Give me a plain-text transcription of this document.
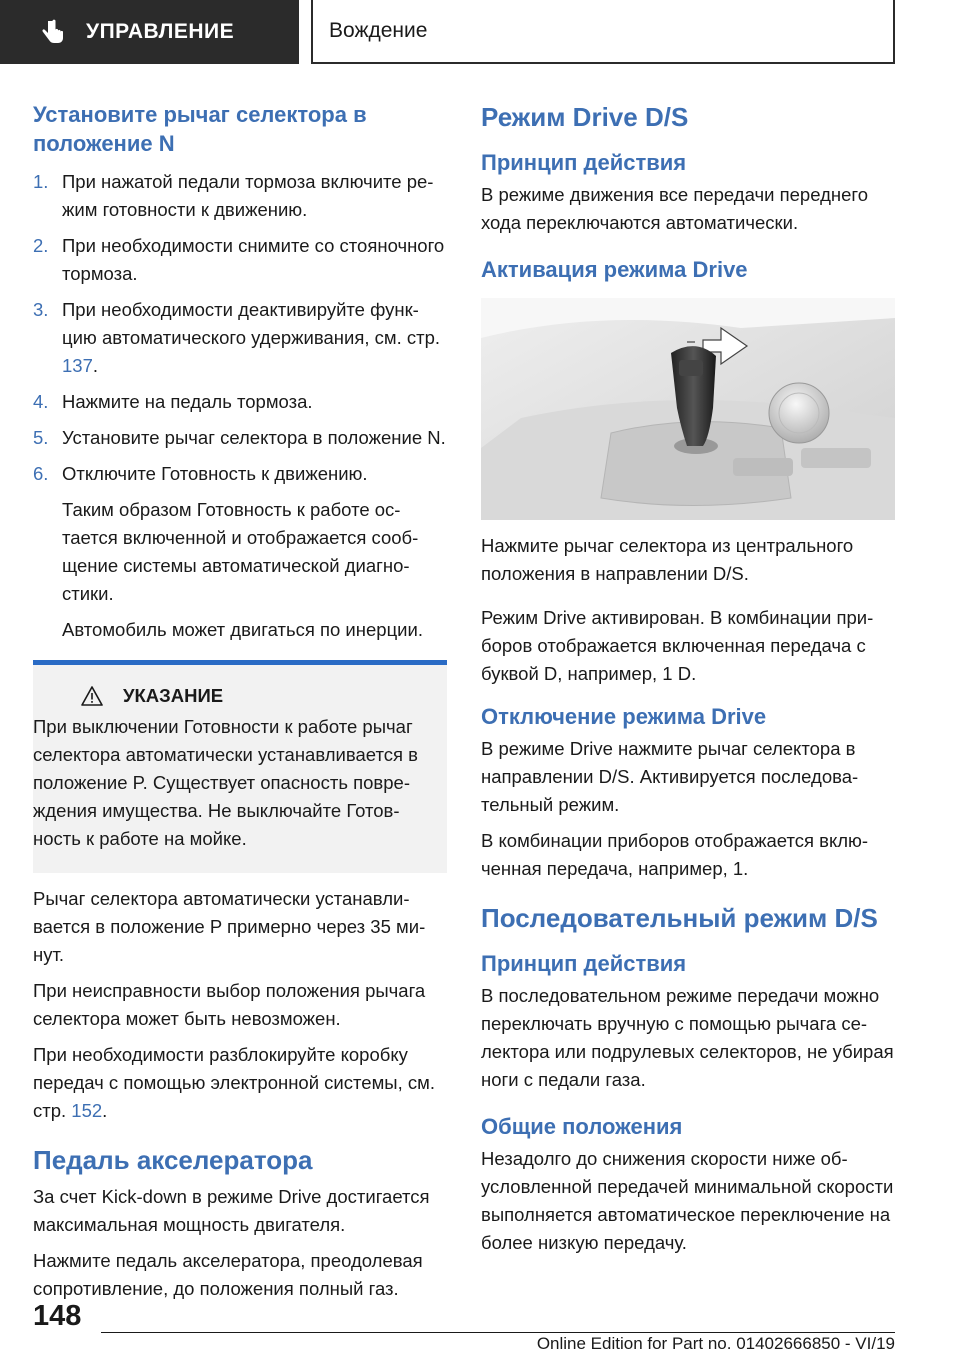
УПРАВЛЕНИЕ	Вождение
Установите рычаг селектора в положение N
1. При нажатой педали тормоза включите режим готовности к движению.

2. При необходимости снимите со стояночного тормоза.

3. При необходимости деактивируйте функцию автоматического удерживания, см. стр. 137.

4. Нажмите на педаль тормоза.

5. Установите рычаг селектора в положение N.

6. Отключите Готовность к движению.

Таким образом Готовность к работе остается включенной и отображается сообщение системы автоматической диагностики.

Автомобиль может двигаться по инерции.

УКАЗАНИЕ

При выключении Готовности к работе рычаг селектора автоматически устанавливается в положение P. Существует опасность повреждения имущества. Не выключайте Готовность к работе на мойке.

Рычаг селектора автоматически устанавливается в положение P примерно через 35 минут.

При неисправности выбор положения рычага селектора может быть невозможен.

При необходимости разблокируйте коробку передач с помощью электронной системы, см. стр. 152.

Педаль акселератора

За счет Kick-down в режиме Drive достигается максимальная мощность двигателя.

Нажмите педаль акселератора, преодолевая сопротивление, до положения полный газ.

Режим Drive D/S
Принцип действия

В режиме движения все передачи переднего хода переключаются автоматически.

Активация режима Drive

Нажмите рычаг селектора из центрального положения в направлении D/S.

Режим Drive активирован. В комбинации приборов отображается включенная передача с буквой D, например, 1 D.

Отключение режима Drive

В режиме Drive нажмите рычаг селектора в направлении D/S. Активируется последовательный режим.

В комбинации приборов отображается включенная передача, например, 1.

Последовательный режим D/S
Принцип действия

В последовательном режиме передачи можно переключать вручную с помощью рычага селектора или подрулевых селекторов, не убирая ноги с педали газа.

Общие положения

Незадолго до снижения скорости ниже обусловленной передачей минимальной скорости выполняется автоматическое переключение на более низкую передачу.

148
Online Edition for Part no. 01402666850 - VI/19
